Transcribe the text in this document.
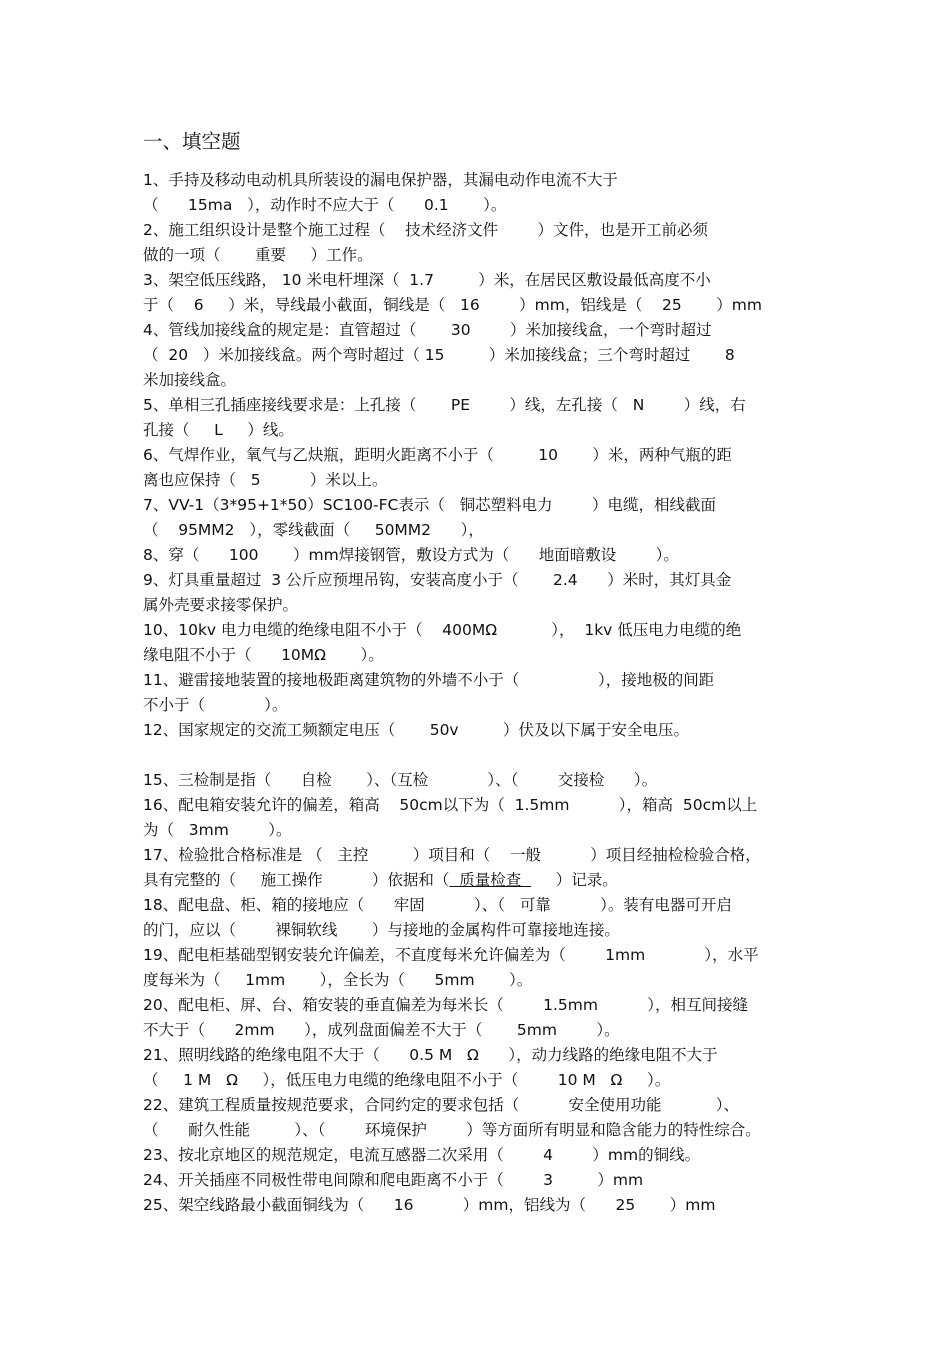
一、填空题
1、手持及移动电动机具所装设的漏电保护器，其漏电动作电流不大于
（      15ma   ），动作时不应大于（      0.1       ）。
2、施工组织设计是整个施工过程（    技术经济文件        ）文件，也是开工前必须
做的一项（       重要     ）工作。
3、架空低压线路， 10 米电杆埋深（  1.7         ）米，在居民区敷设最低高度不小
于（    6     ）米，导线最小截面，铜线是（   16        ）mm，铝线是（    25       ）mm
4、管线加接线盒的规定是：直管超过（       30        ）米加接线盒，一个弯时超过
（  20   ）米加接线盒。两个弯时超过（ 15         ）米加接线盒；三个弯时超过       8
米加接线盒。
5、单相三孔插座接线要求是：上孔接（       PE        ）线，左孔接（   N        ）线，右
孔接（     L     ）线。
6、气焊作业，氧气与乙炔瓶，距明火距离不小于（         10       ）米，两种气瓶的距
离也应保持（   5          ）米以上。
7、VV-1（3*95+1*50）SC100-FC表示（   铜芯塑料电力        ）电缆，相线截面
（    95MM2   ），零线截面（     50MM2      ），
8、穿（      100       ）mm焊接钢管，敷设方式为（      地面暗敷设        ）。
9、灯具重量超过  3 公斤应预埋吊钩，安装高度小于（       2.4      ）米时，其灯具金
属外壳要求接零保护。
10、10kv 电力电缆的绝缘电阻不小于（    400MΩ           ），  1kv 低压电力电缆的绝
缘电阻不小于（      10MΩ       ）。
11、避雷接地装置的接地极距离建筑物的外墙不小于（                ），接地极的间距
不小于（            ）。
12、国家规定的交流工频额定电压（       50v         ）伏及以下属于安全电压。
15、三检制是指（      自检       ）、（互检            ）、（        交接检      ）。
16、配电箱安装允许的偏差，箱高    50cm以下为（  1.5mm          ），箱高  50cm以上
为（   3mm        ）。
17、检验批合格标准是 （   主控         ）项目和（    一般          ）项目经抽检检验合格，
具有完整的（     施工操作          ）依据和（  质量检查       ）记录。
18、配电盘、柜、箱的接地应（      牢固          ）、（   可靠          ）。装有电器可开启
的门，应以（        裸铜软线       ）与接地的金属构件可靠接地连接。
19、配电柜基础型钢安装允许偏差，不直度每米允许偏差为（        1mm            ），水平
度每米为（     1mm       ），全长为（      5mm       ）。
20、配电柜、屏、台、箱安装的垂直偏差为每米长（        1.5mm          ），相互间接缝
不大于（      2mm      ），成列盘面偏差不大于（       5mm        ）。
21、照明线路的绝缘电阻不大于（      0.5 M   Ω      ），动力线路的绝缘电阻不大于
（     1 M   Ω     ），低压电力电缆的绝缘电阻不小于（        10 M   Ω     ）。
22、建筑工程质量按规范要求，合同约定的要求包括（          安全使用功能           ）、
（      耐久性能         ）、（        环境保护        ）等方面所有明显和隐含能力的特性综合。
23、按北京地区的规范规定，电流互感器二次采用（        4        ）mm的铜线。
24、开关插座不同极性带电间隙和爬电距离不小于（        3         ）mm
25、架空线路最小截面铜线为（      16          ）mm，铝线为（      25       ）mm
